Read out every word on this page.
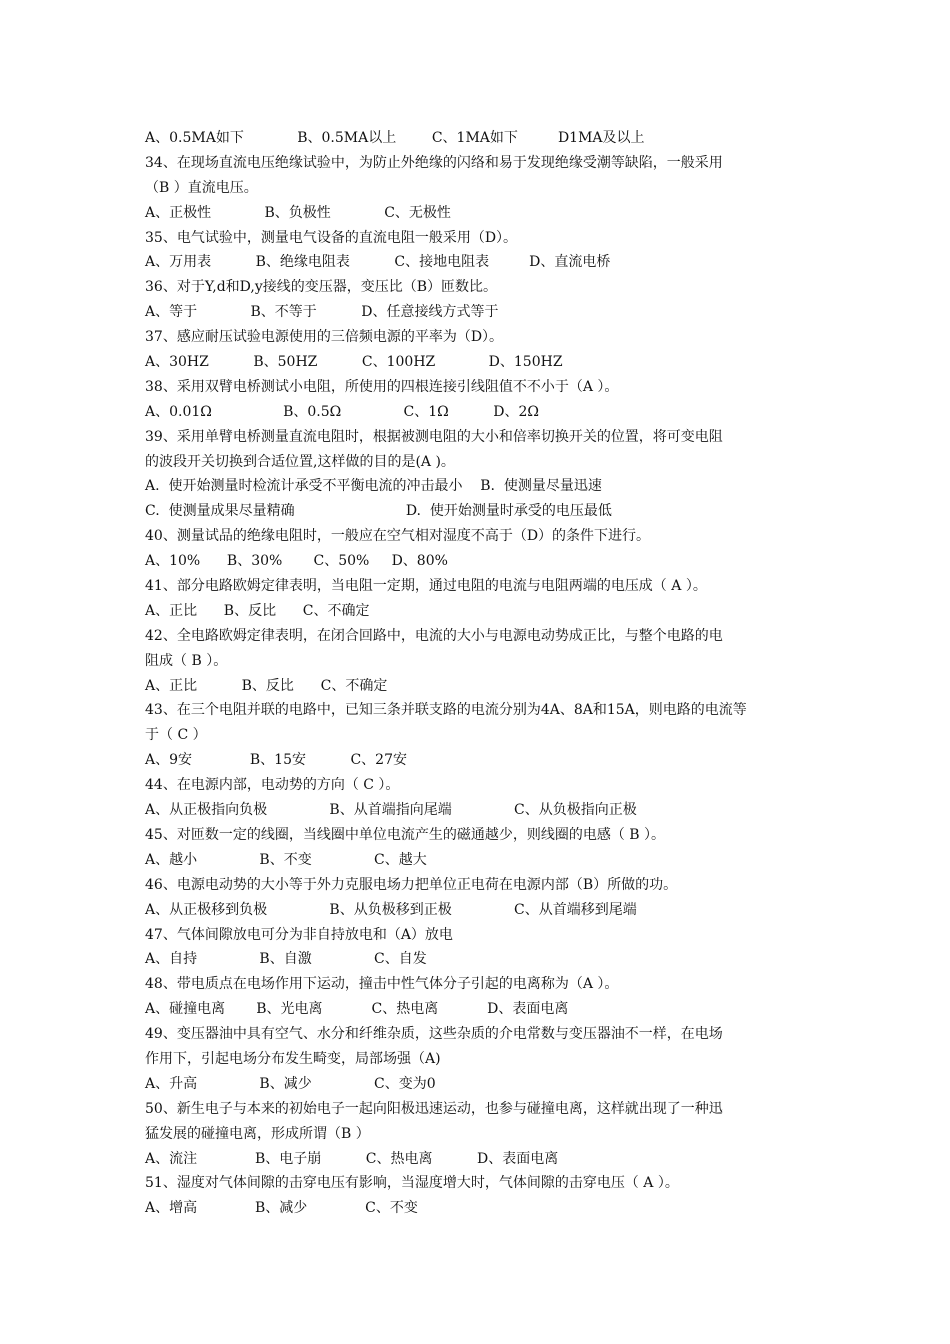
A、0.5MA如下            B、0.5MA以上        C、1MA如下         D1MA及以上
34、在现场直流电压绝缘试验中，为防止外绝缘的闪络和易于发现绝缘受潮等缺陷，一般采用
（B ）直流电压。
A、正极性            B、负极性            C、无极性
35、电气试验中，测量电气设备的直流电阻一般采用（D）。
A、万用表          B、绝缘电阻表          C、接地电阻表         D、直流电桥
36、对于Y,d和D,y接线的变压器，变压比（B）匝数比。
A、等于            B、不等于          D、任意接线方式等于
37、感应耐压试验电源使用的三倍频电源的平率为（D）。
A、30HZ          B、50HZ          C、100HZ            D、150HZ
38、采用双臂电桥测试小电阻，所使用的四根连接引线阻值不不小于（A ）。
A、0.01Ω                B、0.5Ω              C、1Ω          D、2Ω
39、采用单臂电桥测量直流电阻时，根据被测电阻的大小和倍率切换开关的位置，将可变电阻
的波段开关切换到合适位置,这样做的目的是(A )。
A.  使开始测量时检流计承受不平衡电流的冲击最小    B.  使测量尽量迅速
C.  使测量成果尽量精确                         D.  使开始测量时承受的电压最低
40、测量试品的绝缘电阻时，一般应在空气相对湿度不高于（D）的条件下进行。
A、10%      B、30%       C、50%     D、80%
41、部分电路欧姆定律表明，当电阻一定期，通过电阻的电流与电阻两端的电压成（ A ）。
A、正比      B、反比      C、不确定
42、全电路欧姆定律表明，在闭合回路中，电流的大小与电源电动势成正比，与整个电路的电
阻成（ B ）。
A、正比          B、反比      C、不确定
43、在三个电阻并联的电路中，已知三条并联支路的电流分别为4A、8A和15A，则电路的电流等
于（ C ）
A、9安             B、15安          C、27安
44、在电源内部，电动势的方向（ C ）。
A、从正极指向负极              B、从首端指向尾端              C、从负极指向正极
45、对匝数一定的线圈，当线圈中单位电流产生的磁通越少，则线圈的电感（ B ）。
A、越小              B、不变              C、越大
46、电源电动势的大小等于外力克服电场力把单位正电荷在电源内部（B）所做的功。
A、从正极移到负极              B、从负极移到正极              C、从首端移到尾端
47、气体间隙放电可分为非自持放电和（A）放电
A、自持              B、自激              C、自发
48、带电质点在电场作用下运动，撞击中性气体分子引起的电离称为（A ）。
A、碰撞电离       B、光电离           C、热电离           D、表面电离
49、变压器油中具有空气、水分和纤维杂质，这些杂质的介电常数与变压器油不一样，在电场
作用下，引起电场分布发生畸变，局部场强（A)
A、升高              B、减少              C、变为0
50、新生电子与本来的初始电子一起向阳极迅速运动，也参与碰撞电离，这样就出现了一种迅
猛发展的碰撞电离，形成所谓（B ）
A、流注             B、电子崩          C、热电离          D、表面电离
51、湿度对气体间隙的击穿电压有影响，当湿度增大时，气体间隙的击穿电压（ A ）。
A、增高             B、减少             C、不变
